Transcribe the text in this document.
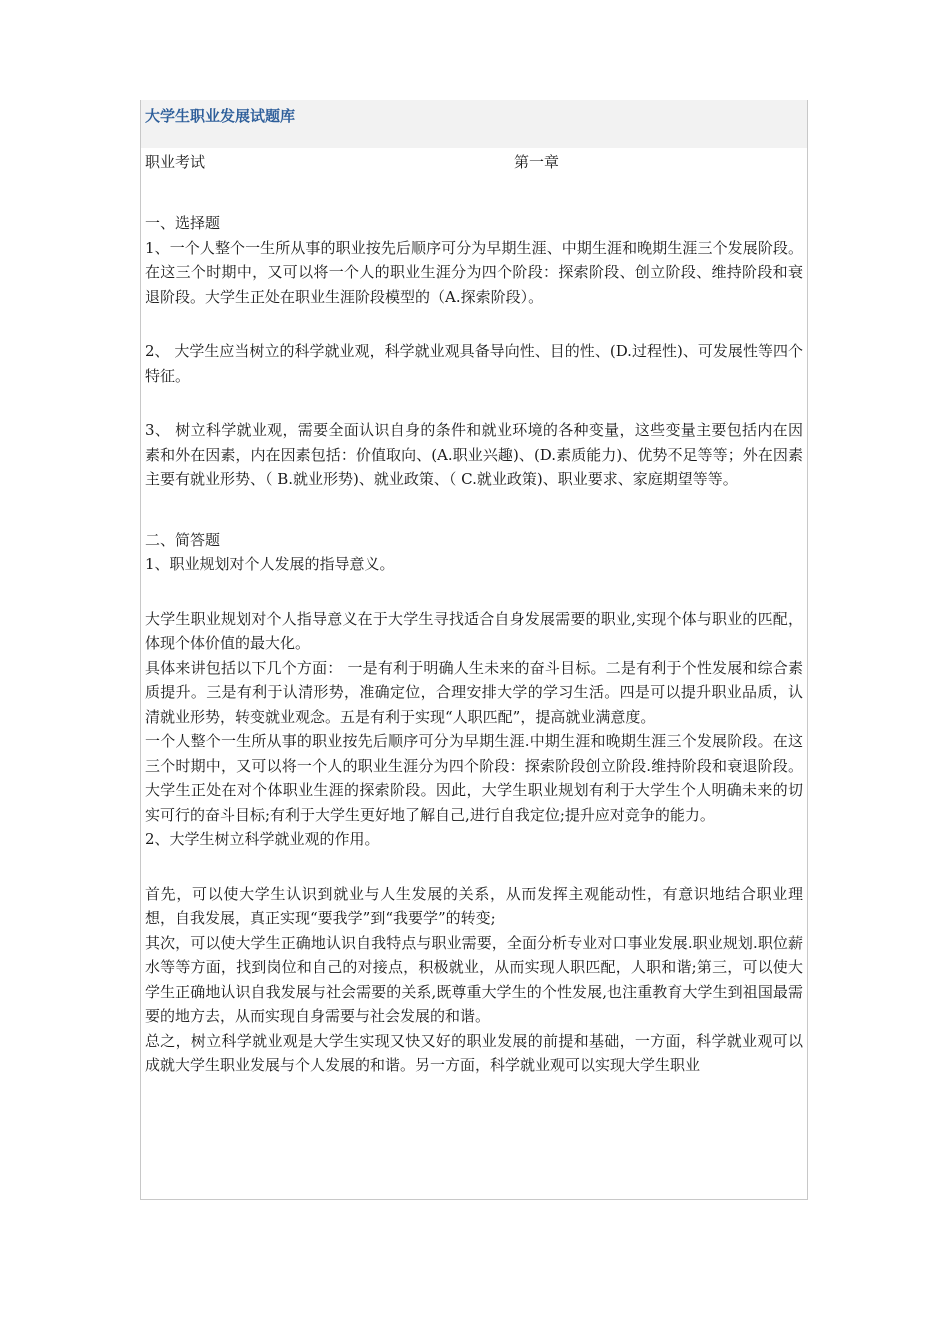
大学生职业发展试题库
职业考试	第一章

一、选择题

1、一个人整个一生所从事的职业按先后顺序可分为早期生涯、中期生涯和晚期生涯三个发展阶段。在这三个时期中，又可以将一个人的职业生涯分为四个阶段：探索阶段、创立阶段、维持阶段和衰退阶段。大学生正处在职业生涯阶段模型的（A.探索阶段）。

2、 大学生应当树立的科学就业观，科学就业观具备导向性、目的性、(D.过程性)、可发展性等四个特征。

3、 树立科学就业观，需要全面认识自身的条件和就业环境的各种变量，这些变量主要包括内在因素和外在因素，内在因素包括：价值取向、(A.职业兴趣)、(D.素质能力)、优势不足等等；外在因素主要有就业形势、（ B.就业形势)、就业政策、（ C.就业政策)、职业要求、家庭期望等等。

二、简答题

1、职业规划对个人发展的指导意义。

大学生职业规划对个人指导意义在于大学生寻找适合自身发展需要的职业,实现个体与职业的匹配，体现个体价值的最大化。

具体来讲包括以下几个方面： 一是有利于明确人生未来的奋斗目标。二是有利于个性发展和综合素质提升。三是有利于认清形势，准确定位，合理安排大学的学习生活。四是可以提升职业品质，认清就业形势，转变就业观念。五是有利于实现“人职匹配”，提高就业满意度。

一个人整个一生所从事的职业按先后顺序可分为早期生涯.中期生涯和晚期生涯三个发展阶段。在这三个时期中，又可以将一个人的职业生涯分为四个阶段：探索阶段创立阶段.维持阶段和衰退阶段。大学生正处在对个体职业生涯的探索阶段。因此，大学生职业规划有利于大学生个人明确未来的切实可行的奋斗目标;有利于大学生更好地了解自己,进行自我定位;提升应对竞争的能力。

2、大学生树立科学就业观的作用。

首先，可以使大学生认识到就业与人生发展的关系，从而发挥主观能动性，有意识地结合职业理想，自我发展，真正实现“要我学”到“我要学”的转变;

其次，可以使大学生正确地认识自我特点与职业需要，全面分析专业对口事业发展.职业规划.职位薪水等等方面，找到岗位和自己的对接点，积极就业，从而实现人职匹配，人职和谐;第三，可以使大学生正确地认识自我发展与社会需要的关系,既尊重大学生的个性发展,也注重教育大学生到祖国最需要的地方去，从而实现自身需要与社会发展的和谐。

总之，树立科学就业观是大学生实现又快又好的职业发展的前提和基础，一方面，科学就业观可以成就大学生职业发展与个人发展的和谐。另一方面，科学就业观可以实现大学生职业
